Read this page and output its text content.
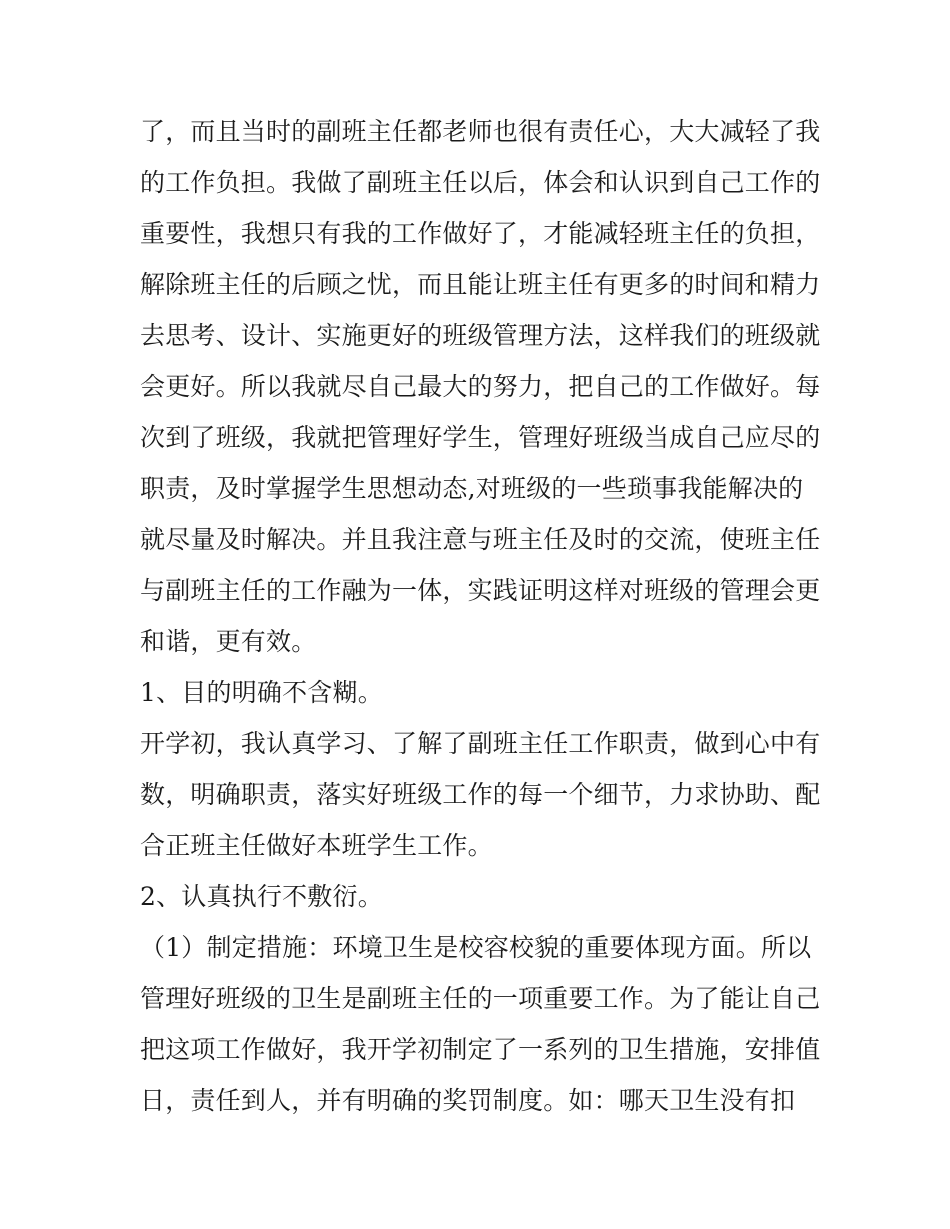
了，而且当时的副班主任都老师也很有责任心，大大减轻了我
的工作负担。我做了副班主任以后，体会和认识到自己工作的
重要性，我想只有我的工作做好了，才能减轻班主任的负担，
解除班主任的后顾之忧，而且能让班主任有更多的时间和精力
去思考、设计、实施更好的班级管理方法，这样我们的班级就
会更好。所以我就尽自己最大的努力，把自己的工作做好。每
次到了班级，我就把管理好学生，管理好班级当成自己应尽的
职责，及时掌握学生思想动态,对班级的一些琐事我能解决的
就尽量及时解决。并且我注意与班主任及时的交流，使班主任
与副班主任的工作融为一体，实践证明这样对班级的管理会更
和谐，更有效。
1、目的明确不含糊。
开学初，我认真学习、了解了副班主任工作职责，做到心中有
数，明确职责，落实好班级工作的每一个细节，力求协助、配
合正班主任做好本班学生工作。
2、认真执行不敷衍。
（1）制定措施：环境卫生是校容校貌的重要体现方面。所以
管理好班级的卫生是副班主任的一项重要工作。为了能让自己
把这项工作做好，我开学初制定了一系列的卫生措施，安排值
日，责任到人，并有明确的奖罚制度。如：哪天卫生没有扣
